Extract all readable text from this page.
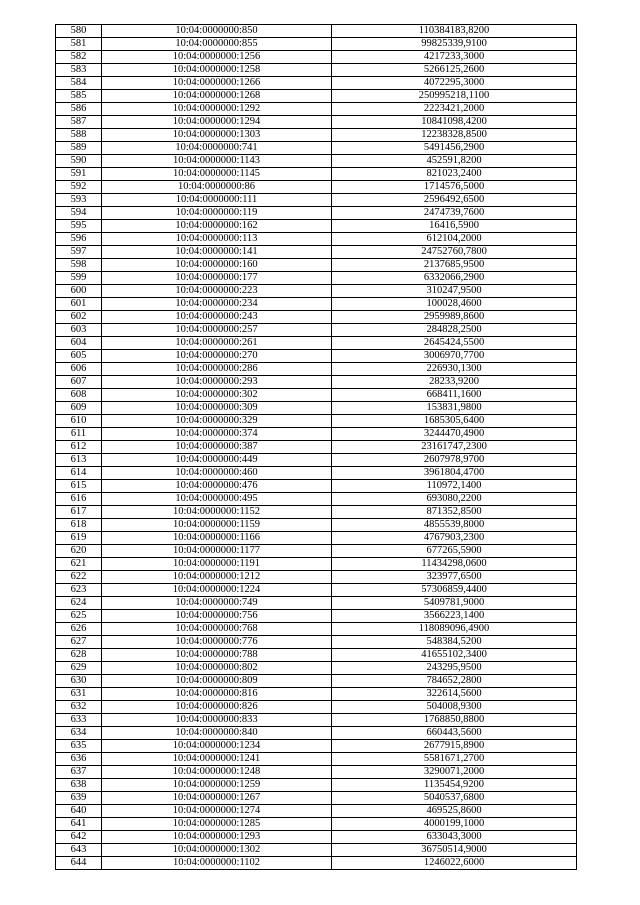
580	10:04:0000000:850	110384183,8200
581	10:04:0000000:855	99825339,9100
582	10:04:0000000:1256	4217233,3000
583	10:04:0000000:1258	5266125,2600
584	10:04:0000000:1266	4072295,3000
585	10:04:0000000:1268	250995218,1100
586	10:04:0000000:1292	2223421,2000
587	10:04:0000000:1294	10841098,4200
588	10:04:0000000:1303	12238328,8500
589	10:04:0000000:741	5491456,2900
590	10:04:0000000:1143	452591,8200
591	10:04:0000000:1145	821023,2400
592	10:04:0000000:86	1714576,5000
593	10:04:0000000:111	2596492,6500
594	10:04:0000000:119	2474739,7600
595	10:04:0000000:162	16416,5900
596	10:04:0000000:113	612104,2000
597	10:04:0000000:141	24752760,7800
598	10:04:0000000:160	2137685,9500
599	10:04:0000000:177	6332066,2900
600	10:04:0000000:223	310247,9500
601	10:04:0000000:234	100028,4600
602	10:04:0000000:243	2959989,8600
603	10:04:0000000:257	284828,2500
604	10:04:0000000:261	2645424,5500
605	10:04:0000000:270	3006970,7700
606	10:04:0000000:286	226930,1300
607	10:04:0000000:293	28233,9200
608	10:04:0000000:302	668411,1600
609	10:04:0000000:309	153831,9800
610	10:04:0000000:329	1685305,6400
611	10:04:0000000:374	3244470,4900
612	10:04:0000000:387	23161747,2300
613	10:04:0000000:449	2607978,9700
614	10:04:0000000:460	3961804,4700
615	10:04:0000000:476	110972,1400
616	10:04:0000000:495	693080,2200
617	10:04:0000000:1152	871352,8500
618	10:04:0000000:1159	4855539,8000
619	10:04:0000000:1166	4767903,2300
620	10:04:0000000:1177	677265,5900
621	10:04:0000000:1191	11434298,0600
622	10:04:0000000:1212	323977,6500
623	10:04:0000000:1224	57306859,4400
624	10:04:0000000:749	5409781,9000
625	10:04:0000000:756	3566223,1400
626	10:04:0000000:768	118089096,4900
627	10:04:0000000:776	548384,5200
628	10:04:0000000:788	41655102,3400
629	10:04:0000000:802	243295,9500
630	10:04:0000000:809	784652,2800
631	10:04:0000000:816	322614,5600
632	10:04:0000000:826	504008,9300
633	10:04:0000000:833	1768850,8800
634	10:04:0000000:840	660443,5600
635	10:04:0000000:1234	2677915,8900
636	10:04:0000000:1241	5581671,2700
637	10:04:0000000:1248	3290071,2000
638	10:04:0000000:1259	1135454,9200
639	10:04:0000000:1267	5040537,6800
640	10:04:0000000:1274	469525,8600
641	10:04:0000000:1285	4000199,1000
642	10:04:0000000:1293	633043,3000
643	10:04:0000000:1302	36750514,9000
644	10:04:0000000:1102	1246022,6000
